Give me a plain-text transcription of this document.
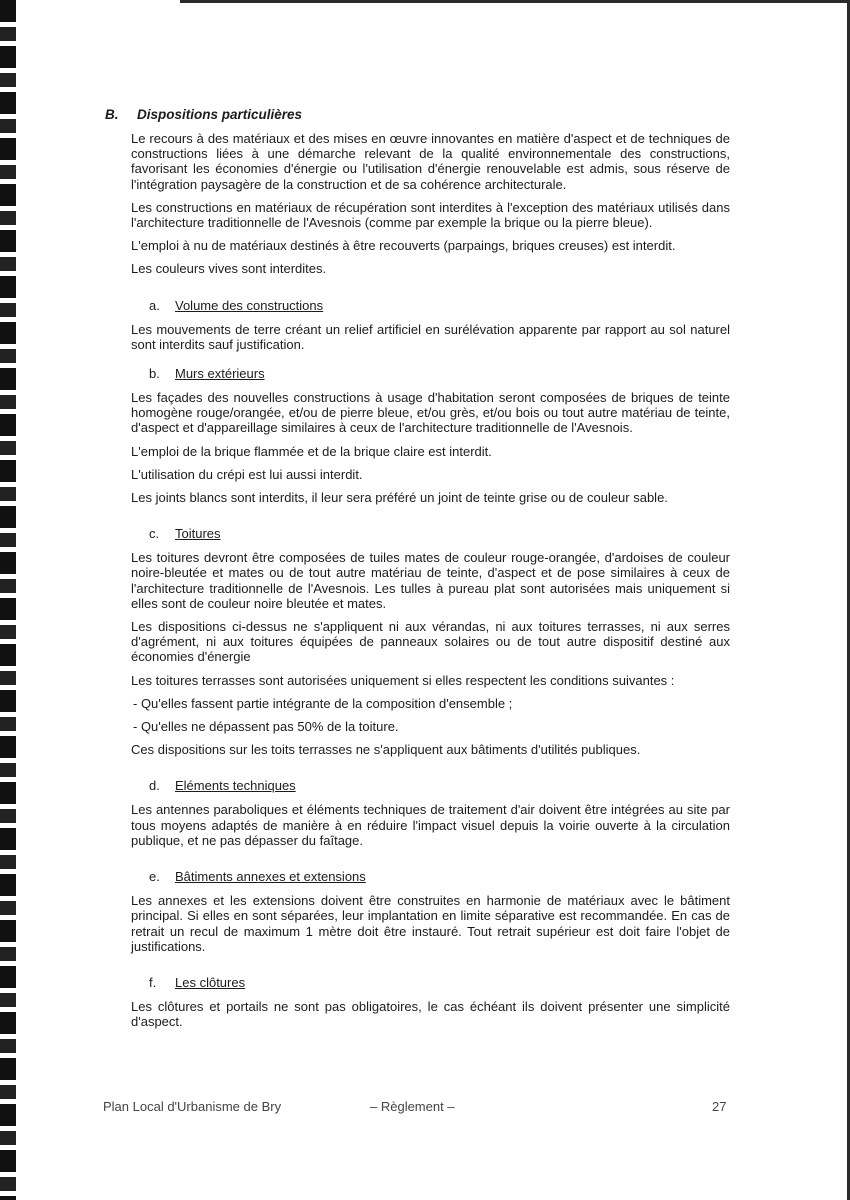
B. Dispositions particulières

Le recours à des matériaux et des mises en œuvre innovantes en matière d'aspect et de techniques de constructions liées à une démarche relevant de la qualité environnementale des constructions, favorisant les économies d'énergie ou l'utilisation d'énergie renouvelable est admis, sous réserve de l'intégration paysagère de la construction et de sa cohérence architecturale.

Les constructions en matériaux de récupération sont interdites à l'exception des matériaux utilisés dans l'architecture traditionnelle de l'Avesnois (comme par exemple la brique ou la pierre bleue).

L'emploi à nu de matériaux destinés à être recouverts (parpaings, briques creuses) est interdit.

Les couleurs vives sont interdites.

a. Volume des constructions

Les mouvements de terre créant un relief artificiel en surélévation apparente par rapport au sol naturel sont interdits sauf justification.

b. Murs extérieurs

Les façades des nouvelles constructions à usage d'habitation seront composées de briques de teinte homogène rouge/orangée, et/ou de pierre bleue, et/ou grès, et/ou bois ou tout autre matériau de teinte, d'aspect et d'appareillage similaires à ceux de l'architecture traditionnelle de l'Avesnois.

L'emploi de la brique flammée et de la brique claire est interdit.

L'utilisation du crépi est lui aussi interdit.

Les joints blancs sont interdits, il leur sera préféré un joint de teinte grise ou de couleur sable.

c. Toitures

Les toitures devront être composées de tuiles mates de couleur rouge-orangée, d'ardoises de couleur noire-bleutée et mates ou de tout autre matériau de teinte, d'aspect et de pose similaires à ceux de l'architecture traditionnelle de l'Avesnois. Les tulles à pureau plat sont autorisées mais uniquement si elles sont de couleur noire bleutée et mates.

Les dispositions ci-dessus ne s'appliquent ni aux vérandas, ni aux toitures terrasses, ni aux serres d'agrément, ni aux toitures équipées de panneaux solaires ou de tout autre dispositif destiné aux économies d'énergie

Les toitures terrasses sont autorisées uniquement si elles respectent les conditions suivantes :

- Qu'elles fassent partie intégrante de la composition d'ensemble ;

- Qu'elles ne dépassent pas 50% de la toiture.

Ces dispositions sur les toits terrasses ne s'appliquent aux bâtiments d'utilités publiques.

d. Eléments techniques

Les antennes paraboliques et éléments techniques de traitement d'air doivent être intégrées au site par tous moyens adaptés de manière à en réduire l'impact visuel depuis la voirie ouverte à la circulation publique, et ne pas dépasser du faîtage.

e. Bâtiments annexes et extensions

Les annexes et les extensions doivent être construites en harmonie de matériaux avec le bâtiment principal. Si elles en sont séparées, leur implantation en limite séparative est recommandée. En cas de retrait un recul de maximum 1 mètre doit être instauré. Tout retrait supérieur est doit faire l'objet de justifications.

f. Les clôtures

Les clôtures et portails ne sont pas obligatoires, le cas échéant ils doivent présenter une simplicité d'aspect.

Plan Local d'Urbanisme de Bry	– Règlement –	27
